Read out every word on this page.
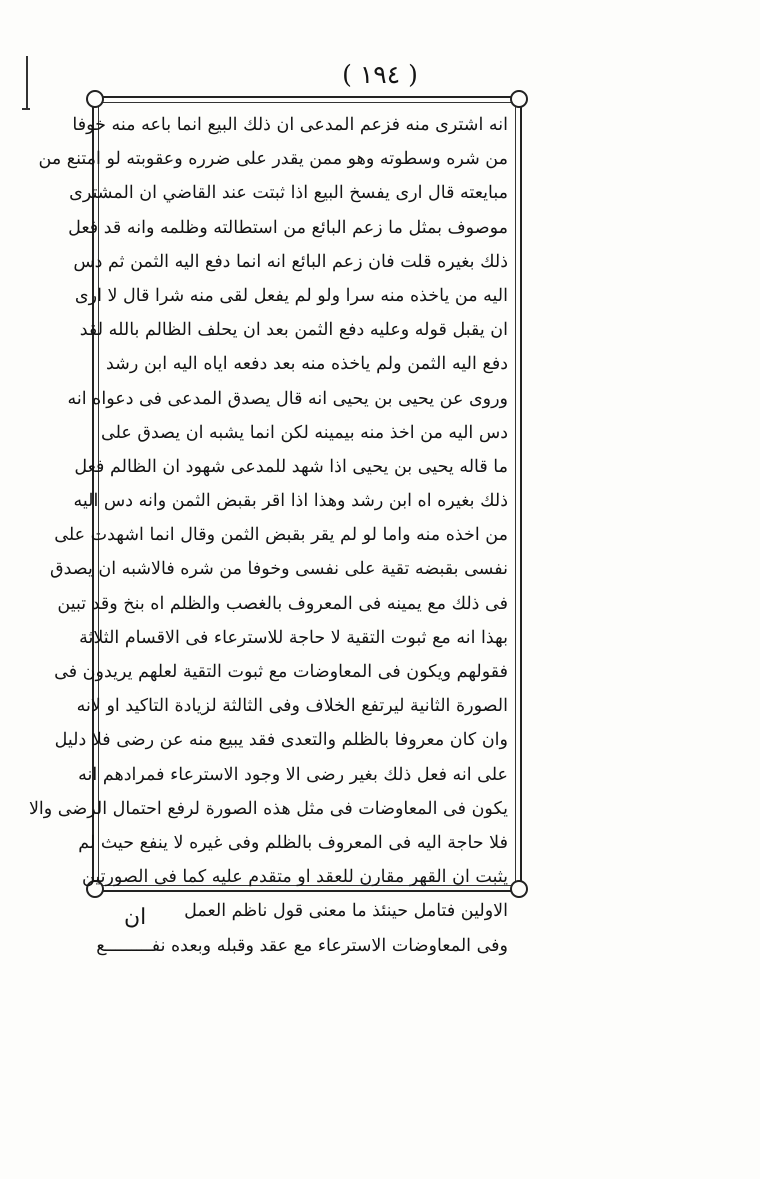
( ١٩٤ )
انه اشترى منه فزعم المدعى ان ذلك البيع انما باعه منه خوفا
من شره وسطوته وهو ممن يقدر على ضرره وعقوبته لو امتنع من
مبايعته قال ارى يفسخ البيع اذا ثبتت عند القاضي ان المشترى
موصوف بمثل ما زعم البائع من استطالته وظلمه وانه قد فعل
ذلك بغيره قلت فان زعم البائع انه انما دفع اليه الثمن ثم دس
اليه من ياخذه منه سرا ولو لم يفعل لقى منه شرا قال لا ارى
ان يقبل قوله وعليه دفع الثمن بعد ان يحلف الظالم بالله لقد
دفع اليه الثمن ولم ياخذه منه بعد دفعه اياه اليه ابن رشد
وروى عن يحيى بن يحيى انه قال يصدق المدعى فى دعواه انه
دس اليه من اخذ منه بيمينه لكن انما يشبه ان يصدق على
ما قاله يحيى بن يحيى اذا شهد للمدعى شهود ان الظالم فعل
ذلك بغيره اه ابن رشد وهذا اذا اقر بقبض الثمن وانه دس اليه
من اخذه منه واما لو لم يقر بقبض الثمن وقال انما اشهدت على
نفسى بقبضه تقية على نفسى وخوفا من شره فالاشبه ان يصدق
فى ذلك مع يمينه فى المعروف بالغصب والظلم اه بنخ وقد تبين
بهذا انه مع ثبوت التقية لا حاجة للاسترعاء فى الاقسام الثلاثة
فقولهم ويكون فى المعاوضات مع ثبوت التقية لعلهم يريدون فى
الصورة الثانية ليرتفع الخلاف وفى الثالثة لزيادة التاكيد او لانه
وان كان معروفا بالظلم والتعدى فقد يبيع منه عن رضى فلا دليل
على انه فعل ذلك بغير رضى الا وجود الاسترعاء فمرادهم انه
يكون فى المعاوضات فى مثل هذه الصورة لرفع احتمال الرضى والا
فلا حاجة اليه فى المعروف بالظلم وفى غيره لا ينفع حيث لم
يثبت ان القهر مقارن للعقد او متقدم عليه كما فى الصورتين
الاولين فتامل حينئذ ما معنى قول ناظم العمل
وفى المعاوضات الاسترعاء مع عقد وقبله وبعده نفـــــــــع
ان
